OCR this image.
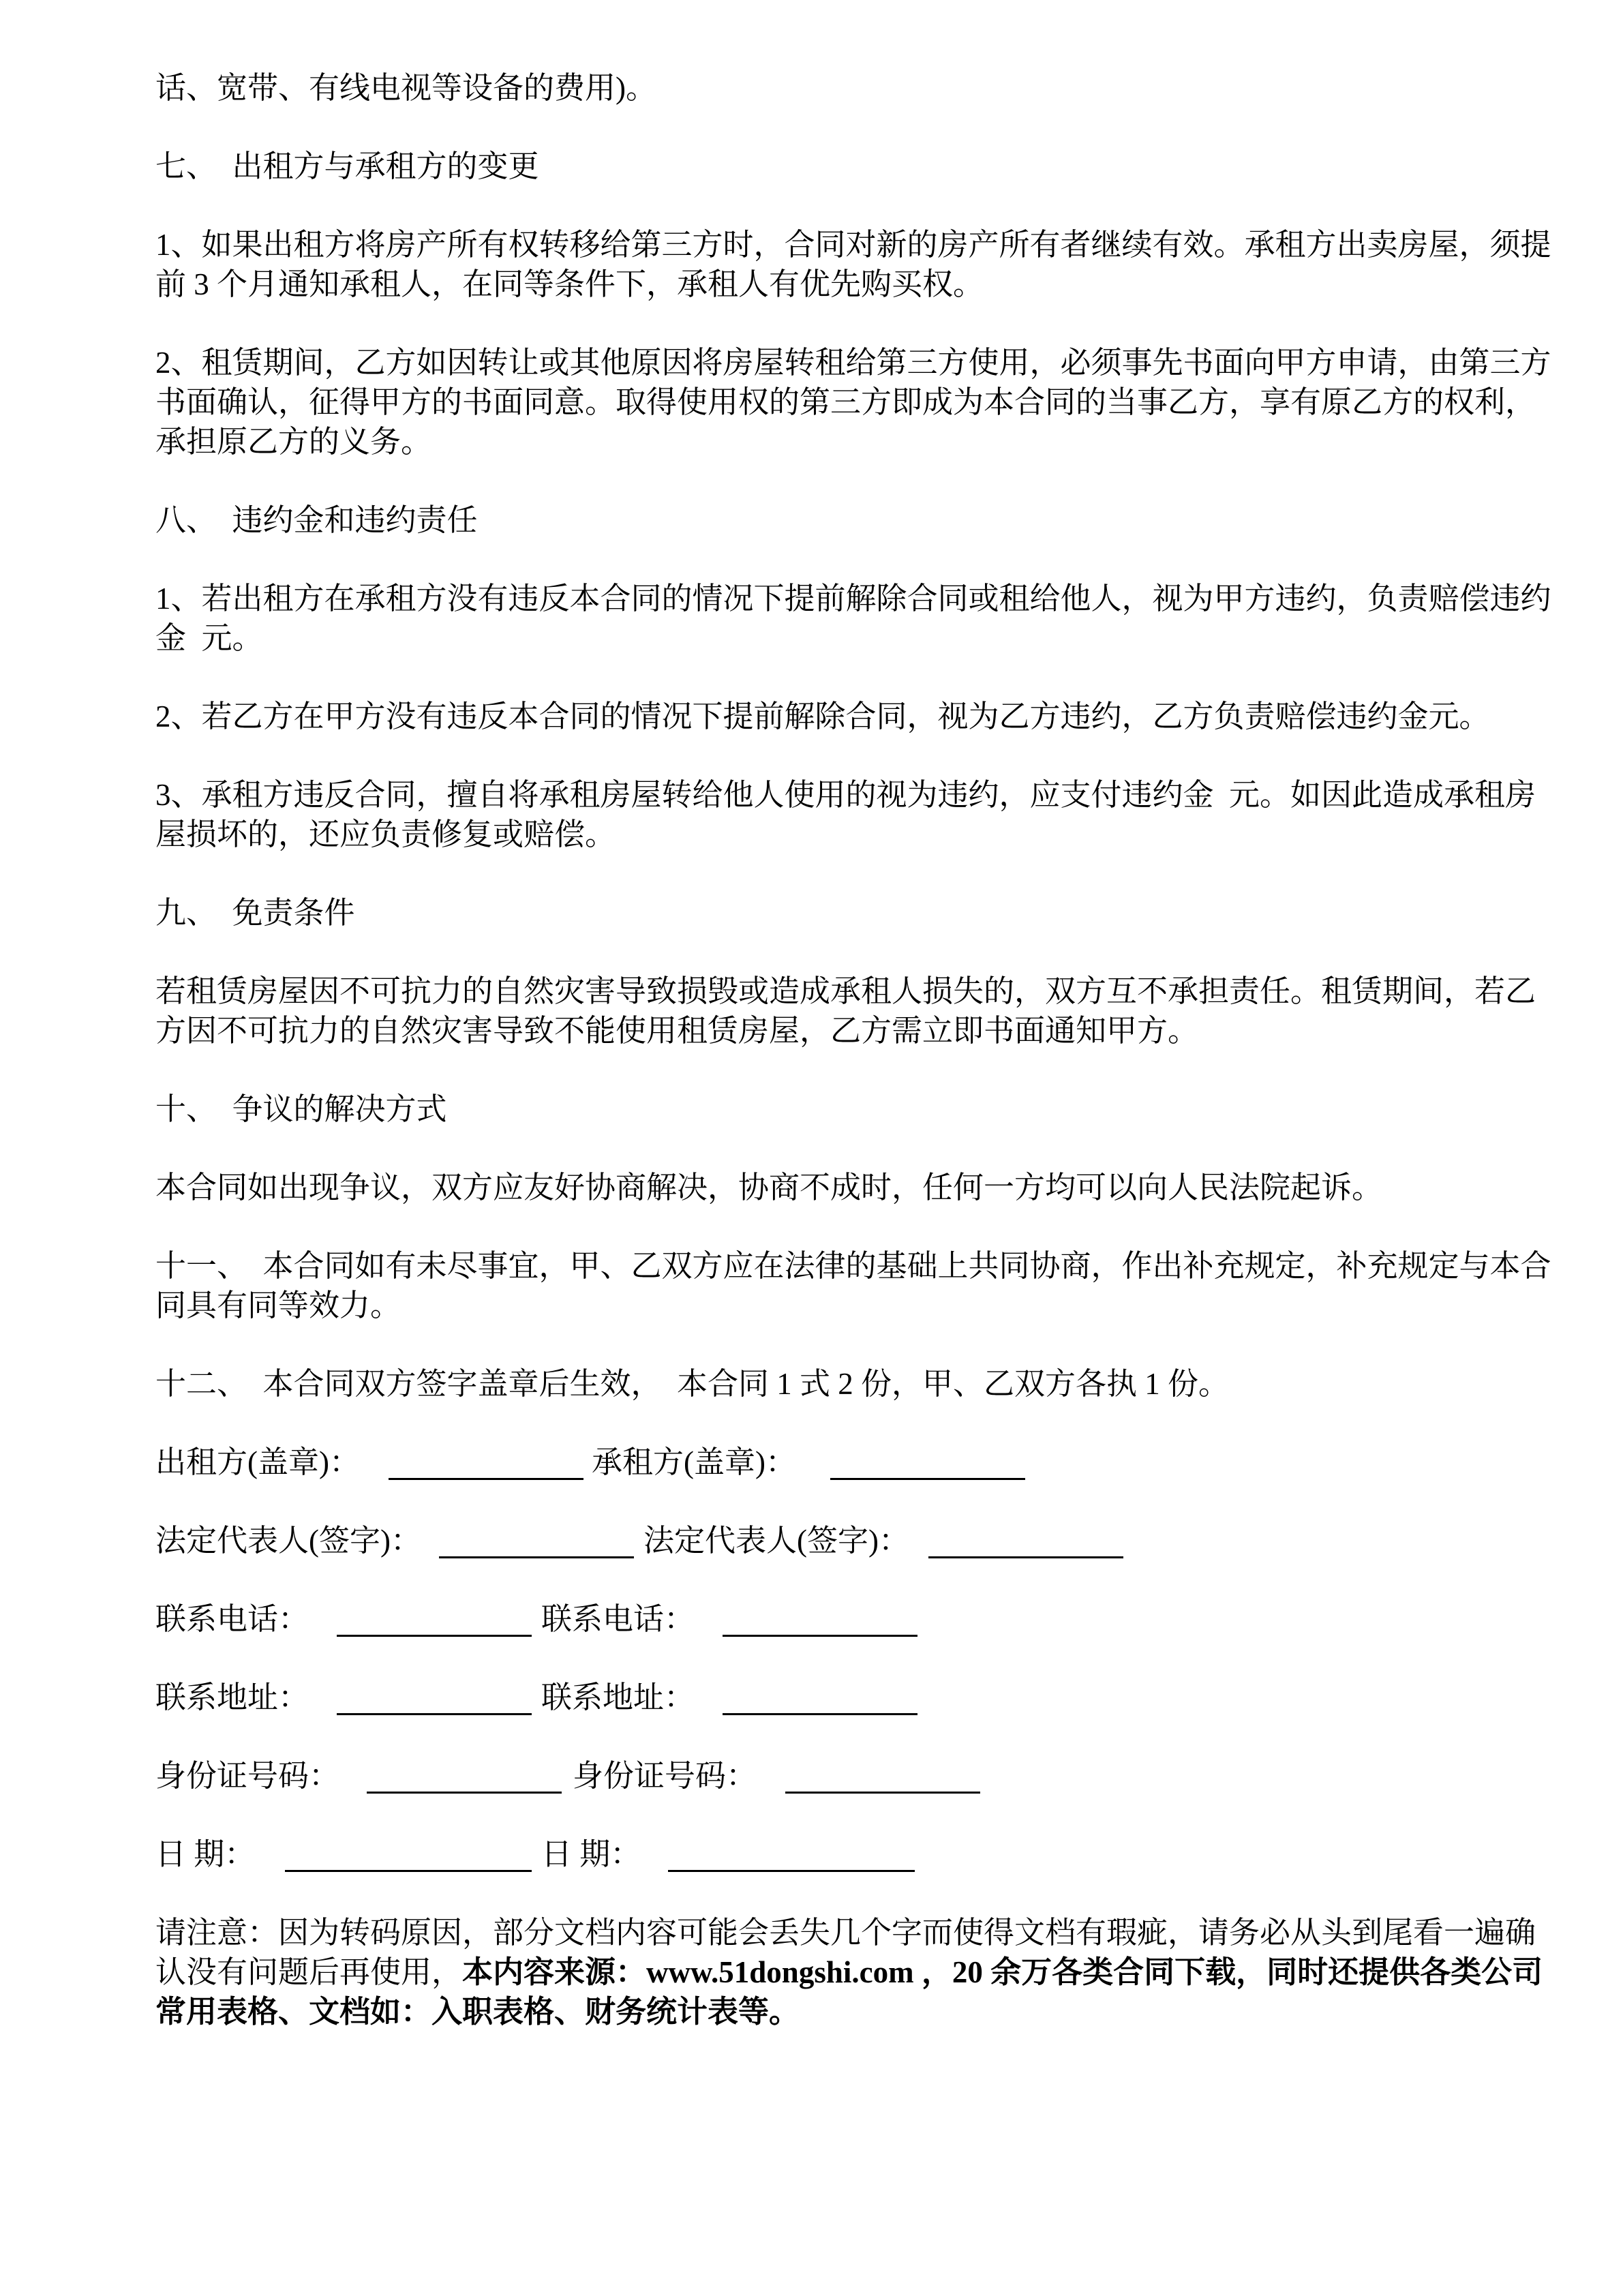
话、宽带、有线电视等设备的费用)。

七、  出租方与承租方的变更

1、如果出租方将房产所有权转移给第三方时，合同对新的房产所有者继续有效。承租方出卖房屋，须提前 3 个月通知承租人，在同等条件下，承租人有优先购买权。

2、租赁期间，乙方如因转让或其他原因将房屋转租给第三方使用，必须事先书面向甲方申请，由第三方书面确认，征得甲方的书面同意。取得使用权的第三方即成为本合同的当事乙方，享有原乙方的权利，承担原乙方的义务。

八、  违约金和违约责任

1、若出租方在承租方没有违反本合同的情况下提前解除合同或租给他人，视为甲方违约，负责赔偿违约金  元。

2、若乙方在甲方没有违反本合同的情况下提前解除合同，视为乙方违约，乙方负责赔偿违约金元。

3、承租方违反合同，擅自将承租房屋转给他人使用的视为违约，应支付违约金  元。如因此造成承租房屋损坏的，还应负责修复或赔偿。

九、  免责条件

若租赁房屋因不可抗力的自然灾害导致损毁或造成承租人损失的，双方互不承担责任。租赁期间，若乙方因不可抗力的自然灾害导致不能使用租赁房屋，乙方需立即书面通知甲方。

十、  争议的解决方式

本合同如出现争议，双方应友好协商解决，协商不成时，任何一方均可以向人民法院起诉。

十一、  本合同如有未尽事宜，甲、乙双方应在法律的基础上共同协商，作出补充规定，补充规定与本合同具有同等效力。

十二、  本合同双方签字盖章后生效，  本合同 1 式 2 份，甲、乙双方各执 1 份。

出租方(盖章)：	承租方(盖章)：
法定代表人(签字)：	法定代表人(签字)：
联系电话：	联系电话：
联系地址：	联系地址：
身份证号码：	身份证号码：
日 期：	日 期：

请注意：因为转码原因，部分文档内容可能会丢失几个字而使得文档有瑕疵，请务必从头到尾看一遍确认没有问题后再使用，本内容来源：www.51dongshi.com ，20 余万各类合同下载，同时还提供各类公司常用表格、文档如：入职表格、财务统计表等。
